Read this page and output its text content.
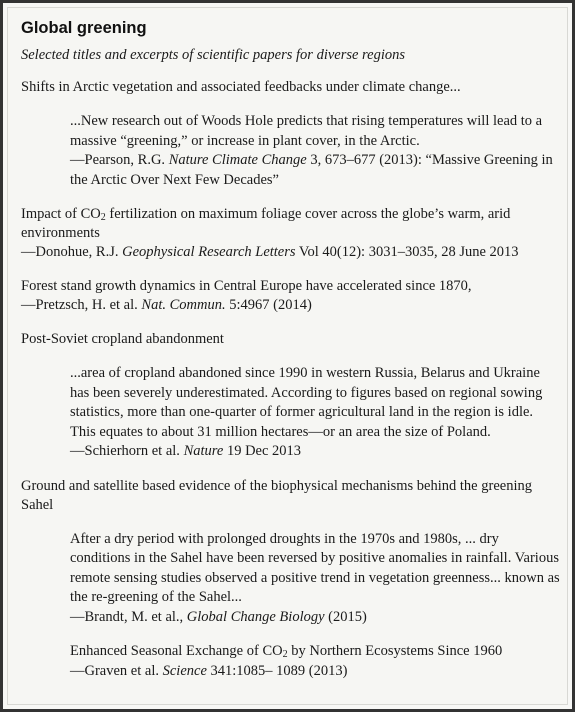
Global greening

Selected titles and excerpts of scientific papers for diverse regions

Shifts in Arctic vegetation and associated feedbacks under climate change...

...New research out of Woods Hole predicts that rising temperatures will lead to a massive “greening,” or increase in plant cover, in the Arctic.

—Pearson, R.G. Nature Climate Change 3, 673–677 (2013): “Massive Greening in the Arctic Over Next Few Decades”

Impact of $CO_2$ fertilization on maximum foliage cover across the globe’s warm, arid environments

—Donohue, R.J. Geophysical Research Letters Vol 40(12): 3031–3035, 28 June 2013

Forest stand growth dynamics in Central Europe have accelerated since 1870,

—Pretzsch, H. et al. Nat. Commun. 5:4967 (2014)

Post-Soviet cropland abandonment

...area of cropland abandoned since 1990 in western Russia, Belarus and Ukraine has been severely underestimated. According to figures based on regional sowing statistics, more than one-quarter of former agricultural land in the region is idle. This equates to about 31 million hectares—or an area the size of Poland.

—Schierhorn et al. Nature 19 Dec 2013

Ground and satellite based evidence of the biophysical mechanisms behind the greening Sahel

After a dry period with prolonged droughts in the 1970s and 1980s, ... dry conditions in the Sahel have been reversed by positive anomalies in rainfall. Various remote sensing studies observed a positive trend in vegetation greenness... known as the re-greening of the Sahel...

—Brandt, M. et al., Global Change Biology (2015)

Enhanced Seasonal Exchange of $CO_2$ by Northern Ecosystems Since 1960

—Graven et al. Science 341:1085– 1089 (2013)
